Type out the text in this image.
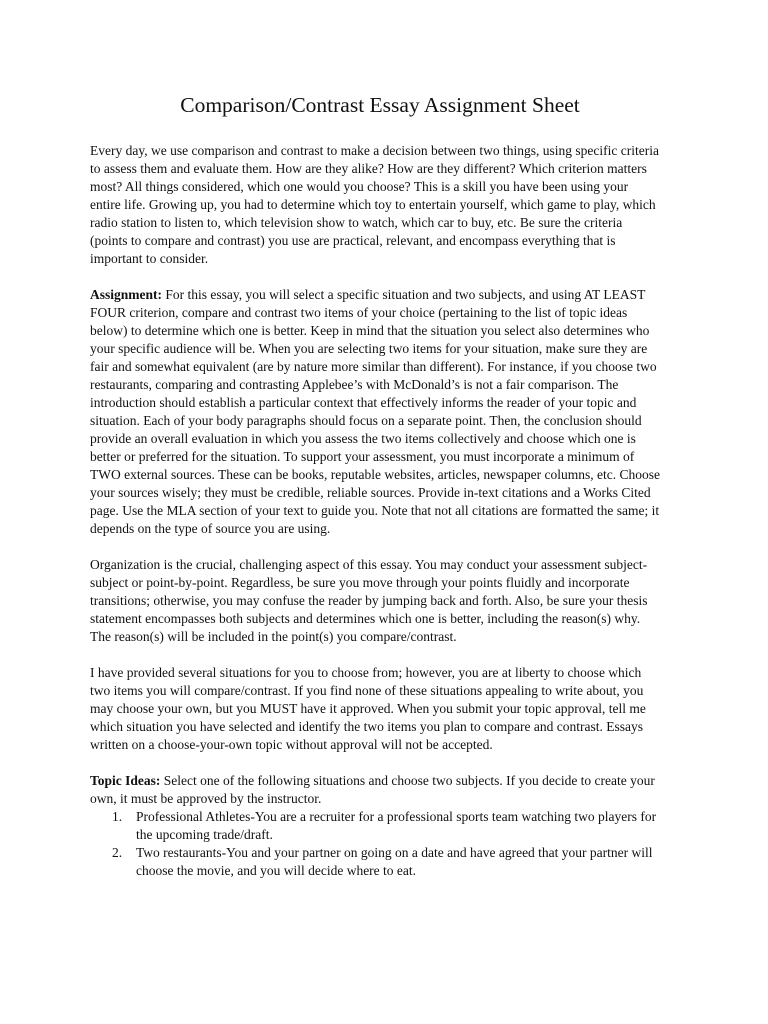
Comparison/Contrast Essay Assignment Sheet

Every day, we use comparison and contrast to make a decision between two things, using specific criteria to assess them and evaluate them. How are they alike? How are they different? Which criterion matters most? All things considered, which one would you choose? This is a skill you have been using your entire life. Growing up, you had to determine which toy to entertain yourself, which game to play, which radio station to listen to, which television show to watch, which car to buy, etc. Be sure the criteria (points to compare and contrast) you use are practical, relevant, and encompass everything that is important to consider.

Assignment: For this essay, you will select a specific situation and two subjects, and using AT LEAST FOUR criterion, compare and contrast two items of your choice (pertaining to the list of topic ideas below) to determine which one is better. Keep in mind that the situation you select also determines who your specific audience will be. When you are selecting two items for your situation, make sure they are fair and somewhat equivalent (are by nature more similar than different). For instance, if you choose two restaurants, comparing and contrasting Applebee’s with McDonald’s is not a fair comparison. The introduction should establish a particular context that effectively informs the reader of your topic and situation. Each of your body paragraphs should focus on a separate point. Then, the conclusion should provide an overall evaluation in which you assess the two items collectively and choose which one is better or preferred for the situation. To support your assessment, you must incorporate a minimum of TWO external sources. These can be books, reputable websites, articles, newspaper columns, etc. Choose your sources wisely; they must be credible, reliable sources. Provide in-text citations and a Works Cited page. Use the MLA section of your text to guide you. Note that not all citations are formatted the same; it depends on the type of source you are using.

Organization is the crucial, challenging aspect of this essay. You may conduct your assessment subject-subject or point-by-point. Regardless, be sure you move through your points fluidly and incorporate transitions; otherwise, you may confuse the reader by jumping back and forth. Also, be sure your thesis statement encompasses both subjects and determines which one is better, including the reason(s) why. The reason(s) will be included in the point(s) you compare/contrast.

I have provided several situations for you to choose from; however, you are at liberty to choose which two items you will compare/contrast. If you find none of these situations appealing to write about, you may choose your own, but you MUST have it approved. When you submit your topic approval, tell me which situation you have selected and identify the two items you plan to compare and contrast. Essays written on a choose-your-own topic without approval will not be accepted.

Topic Ideas: Select one of the following situations and choose two subjects. If you decide to create your own, it must be approved by the instructor.

1. Professional Athletes-You are a recruiter for a professional sports team watching two players for the upcoming trade/draft.
2. Two restaurants-You and your partner on going on a date and have agreed that your partner will choose the movie, and you will decide where to eat.
